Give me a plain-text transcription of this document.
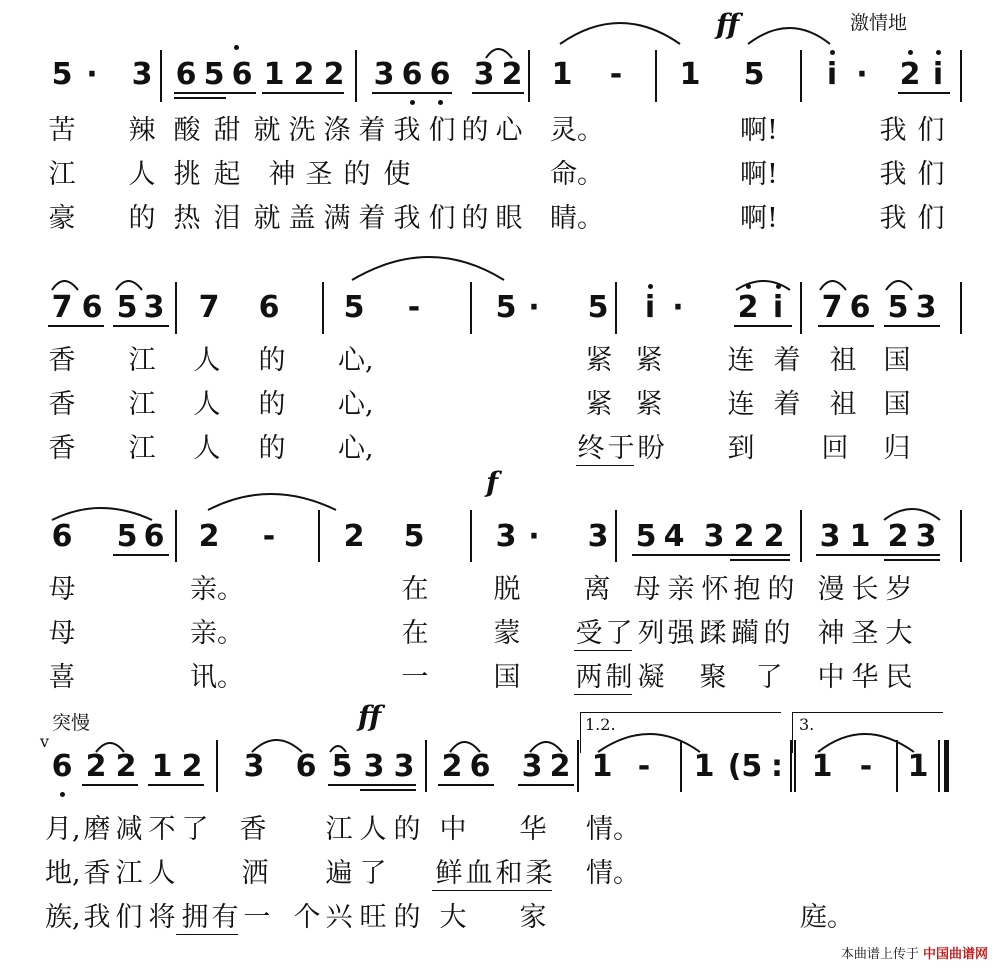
ff	激情地
5 · 3 6 5 6 1 2 2 3 6 6 3 2 1 - 1 5 i · 2 i
苦 辣 酸 甜 就 洗 涤 着 我 们 的 心 灵。	啊!	我 们
江 人 挑 起 神 圣 的 使	命。	啊!	我 们
豪 的 热 泪 就 盖 满 着 我 们 的 眼 睛。	啊!	我 们
7 6 5 3 7 6 5 -	5 · 5 i · 2 i 7 6 5 3
香 江 人 的 心,	紧 紧 连 着 祖 国
香 江 人 的 心,	紧 紧 连 着 祖 国
香 江 人 的 心,	终 于 盼 到 回 归
f
6 5 6 2 - 2 5 3 · 3 5 4 3 2 2 3 1 2 3
母	亲。	在 脱 离 母 亲 怀 抱 的 漫 长 岁
母	亲。	在 蒙 受 了 列 强 蹂 躏 的 神 圣 大
喜	讯。	一 国 两 制 凝 聚 了 中 华 民
突慢	ff
v
1.2.	3.
6 2 2 1 2 3 6 5 3 3 2 6 3 2 1 - 1 (5 : 1 - 1
月, 磨 减 不 了 香 江 人 的 中 华 情。
地, 香 江 人 洒 遍 了 鲜 血 和 柔 情。
族, 我 们 将 拥 有 一 个 兴 旺 的 大 家	庭。
本曲谱上传于 中国曲谱网
